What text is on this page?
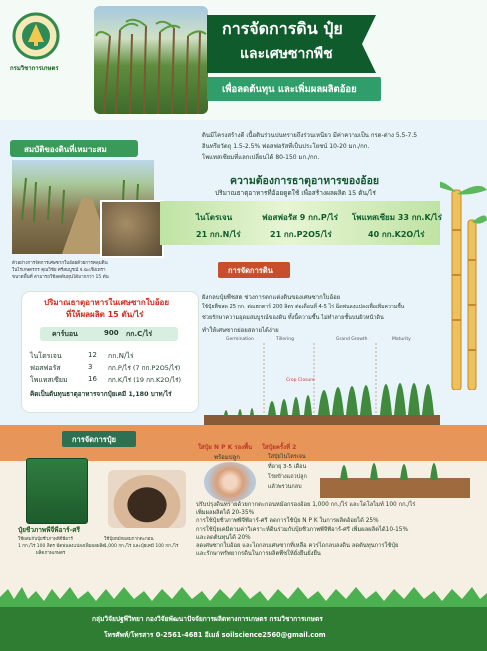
กรมวิชาการเกษตร
การจัดการดิน ปุ๋ย
และเศษซากพืช
เพื่อลดต้นทุน และเพิ่มผลผลิตอ้อย
ดินมีโครงสร้างดี เนื้อดินร่วนปนทรายถึงร่วนเหนียว มีค่าความเป็น กรด-ด่าง 5.5-7.5
อินทรียวัตถุ 1.5-2.5% ฟอสฟอรัสที่เป็นประโยชน์ 10-20 มก./กก.
โพแทสเซียมที่แลกเปลี่ยนได้ 80-150 มก./กก.
สมบัติของดินที่เหมาะสม
ตัวอย่างการจัดการเศษซากใบอ้อยด้วยการคลุมดิน
ในไร่เกษตรกร คุณวิชัย ศรีสมบูรณ์ จ.ฉะเชิงเทรา
ขนาดพื้นที่ สามารถใช้ลดต้นทุนได้มากกว่า 15 ตัน
ความต้องการธาตุอาหารของอ้อย
ปริมาณธาตุอาหารที่อ้อยดูดใช้ เพื่อสร้างผลผลิต 15 ตัน/ไร่
ไนโตรเจน	ฟอสฟอรัส 9 กก.P/ไร่ โพแทสเซียม 33 กก.K/ไร่
21 กก.N/ไร่	21 กก.P2O5/ไร่	40 กก.K2O/ไร่
การจัดการดิน
ฝังกลบปุ๋ยพืชสด ช่วงการตกแต่งดินของเศษซากใบอ้อย
ใช้ปุ๋ยพืชสด 25 กก. ต่อเฮกตาร์ 200 ลิตร ต่อเดือนที่ 4-5 ไร่ ฉีดพ่นลงแปลงเพื่อเพิ่มความชื้น
ช่วยรักษาความอุดมสมบูรณ์ของดิน ทั้งนี้ความชื้น ไม่ทำลายชั้นบนผิวหน้าดิน
ทำให้เศษซากย่อยสลายได้ง่าย
ปริมาณธาตุอาหารในเศษซากใบอ้อย
ที่ให้ผลผลิต 15 ตัน/ไร่
คาร์บอน	900 กก.C/ไร่
ไนโตรเจน	12 กก.N/ไร่
ฟอสฟอรัส	3 กก.P/ไร่ (7 กก.P2O5/ไร่)
โพแทสเซียม	16 กก.K/ไร่ (19 กก.K2O/ไร่)
คิดเป็นต้นทุนธาตุอาหารจากปุ๋ยเคมี 1,180 บาท/ไร่
Germination	Tillering	Grand Growth	Maturity
Crop Closure
การจัดการปุ๋ย
ปุ๋ยชีวภาพพีจีพีอาร์-ศรี
ใช้ผสมกับปุ๋ยชีวภาพพีจีพีอาร์
1 กก./ไร่ 100 ลิตร ฉีดพ่นลงแปลงเพิ่มผลผลิต
ผลิตภาพเกษตร
ใช้ปุ๋ยหมักผสมกากตะกอน
1,000 กก./ไร่ และปุ๋ยเคมี 100 กก./ไร่
ใส่ปุ๋ย N P K รองพื้น
พร้อมปลูก
ใส่ปุ๋ยครั้งที่ 2
ใส่ปุ๋ยไนโตรเจน
ที่อายุ 3-5 เดือน
โรยข้างแถวปลูก
แล้วพรวนกลบ
ปรับปรุงดินทรายด้วยกากตะกอนหม้อกรองอ้อย 1,000 กก./ไร่ และโดโลไมท์ 100 กก./ไร่
เพิ่มผลผลิตได้ 20-35%
การใช้ปุ๋ยชีวภาพพีจีพีอาร์-ศรี ลดการใช้ปุ๋ย N P K ในการผลิตอ้อยได้ 25%
การใช้ปุ๋ยเคมีตามค่าวิเคราะห์ดินร่วมกับปุ๋ยชีวภาพพีจีพีอาร์-ศรี เพิ่มผลผลิตได้10-15%
และลดต้นทุนได้ 20%
ลดเศษซากใบอ้อย และไถกลบเศษซากที่เหลือ ควรไถกลบลงดิน ลดต้นทุนการใช้ปุ๋ย
และรักษาทรัพยากรดินในการผลิตพืชให้ยั่งยืนยั่งยืน
กลุ่มวิจัยปฐพีวิทยา กองวิจัยพัฒนาปัจจัยการผลิตทางการเกษตร กรมวิชาการเกษตร
โทรศัพท์/โทรสาร 0-2561-4681 อีเมล์ soilscience2560@gmail.com
